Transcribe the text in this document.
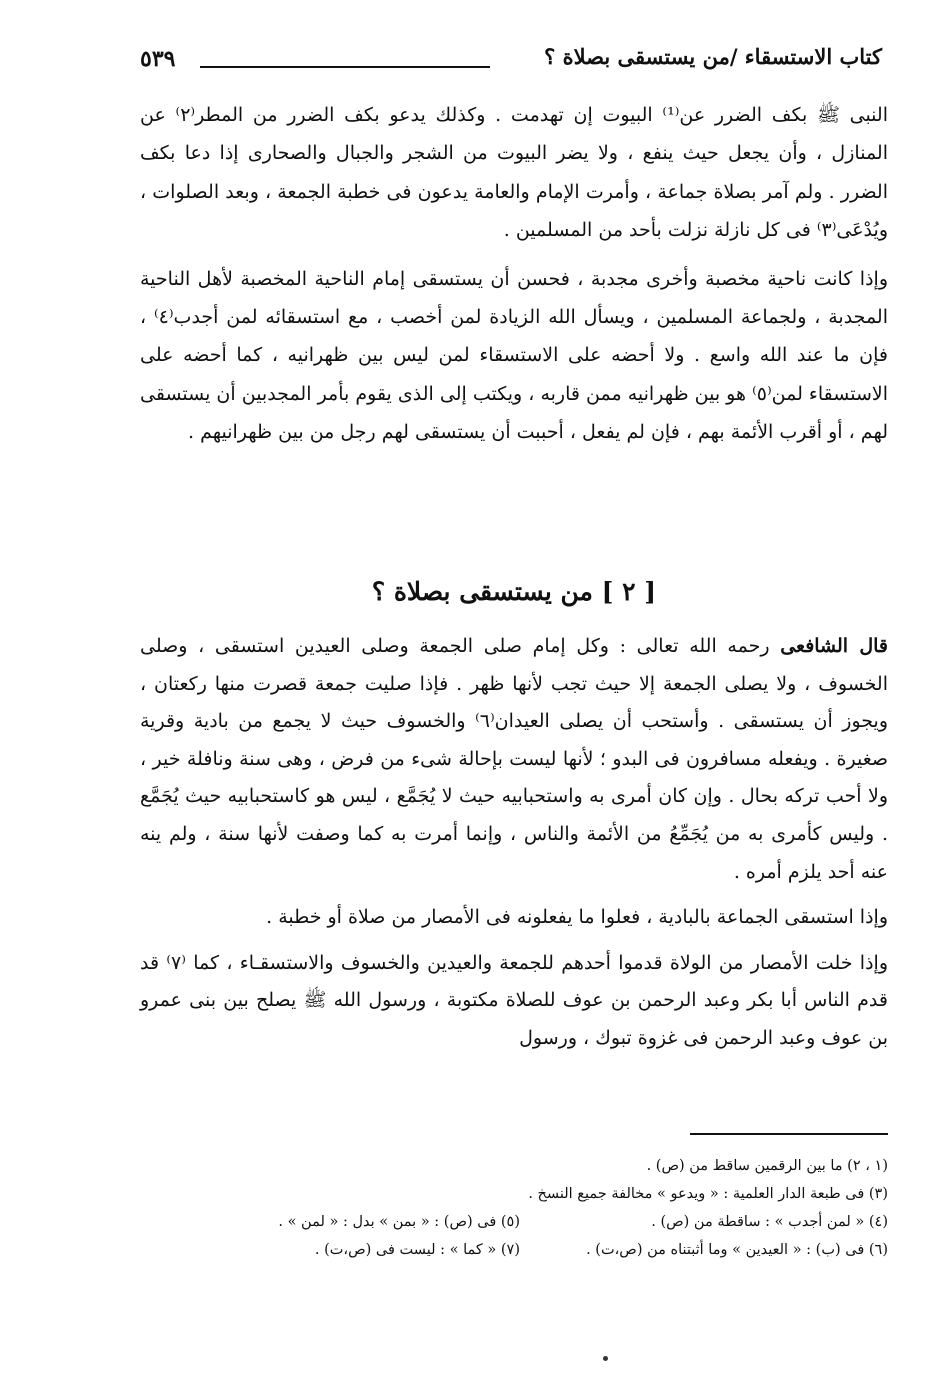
٥٣٩	كتاب الاستسقاء /من يستسقى بصلاة ؟

النبى ﷺ بكف الضرر عن⁽¹⁾ البيوت إن تهدمت . وكذلك يدعو بكف الضرر من المطر⁽٢⁾ عن المنازل ، وأن يجعل حيث ينفع ، ولا يضر البيوت من الشجر والجبال والصحارى إذا دعا بكف الضرر . ولم آمر بصلاة جماعة ، وأمرت الإمام والعامة يدعون فى خطبة الجمعة ، وبعد الصلوات ، ويُدْعَى⁽٣⁾ فى كل نازلة نزلت بأحد من المسلمين .

وإذا كانت ناحية مخصبة وأخرى مجدبة ، فحسن أن يستسقى إمام الناحية المخصبة لأهل الناحية المجدبة ، ولجماعة المسلمين ، ويسأل الله الزيادة لمن أخصب ، مع استسقائه لمن أجدب⁽٤⁾ ، فإن ما عند الله واسع . ولا أحضه على الاستسقاء لمن ليس بين ظهرانيه ، كما أحضه على الاستسقاء لمن⁽٥⁾ هو بين ظهرانيه ممن قاربه ، ويكتب إلى الذى يقوم بأمر المجدبين أن يستسقى لهم ، أو أقرب الأئمة بهم ، فإن لم يفعل ، أحببت أن يستسقى لهم رجل من بين ظهرانيهم .

[ ٢ ] من يستسقى بصلاة ؟

قال الشافعى رحمه الله تعالى : وكل إمام صلى الجمعة وصلى العيدين استسقى ، وصلى الخسوف ، ولا يصلى الجمعة إلا حيث تجب لأنها ظهر . فإذا صليت جمعة قصرت منها ركعتان ، ويجوز أن يستسقى . وأستحب أن يصلى العيدان⁽٦⁾ والخسوف حيث لا يجمع من بادية وقرية صغيرة . ويفعله مسافرون فى البدو ؛ لأنها ليست بإحالة شىء من فرض ، وهى سنة ونافلة خير ، ولا أحب تركه بحال . وإن كان أمرى به واستحبابيه حيث لا يُجَمَّع ، ليس هو كاستحبابيه حيث يُجَمَّع . وليس كأمرى به من يُجَمِّعُ من الأئمة والناس ، وإنما أمرت به كما وصفت لأنها سنة ، ولم ينه عنه أحد يلزم أمره .

وإذا استسقى الجماعة بالبادية ، فعلوا ما يفعلونه فى الأمصار من صلاة أو خطبة .

وإذا خلت الأمصار من الولاة قدموا أحدهم للجمعة والعيدين والخسوف والاستسقـاء ، كما ⁽٧⁾ قد قدم الناس أبا بكر وعبد الرحمن بن عوف للصلاة مكتوبة ، ورسول الله ﷺ يصلح بين بنى عمرو بن عوف وعبد الرحمن فى غزوة تبوك ، ورسول

(١ ، ٢) ما بين الرقمين ساقط من (ص) .
(٣) فى طبعة الدار العلمية : « ويدعو » مخالفة جميع النسخ .
(٤) « لمن أجدب » : ساقطة من (ص) .
(٥) فى (ص) : « بمن » بدل : « لمن » .
(٦) فى (ب) : « العيدين » وما أثبتناه من (ص،ت) .
(٧) « كما » : ليست فى (ص،ت) .
